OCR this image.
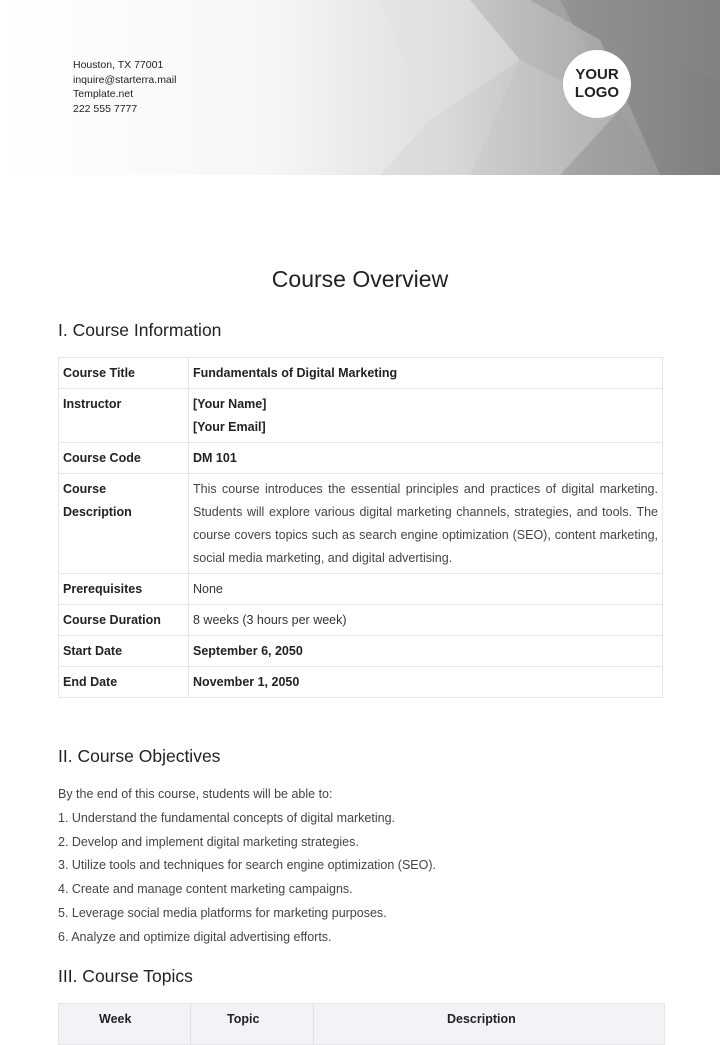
Houston, TX 77001
inquire@starterra.mail
Template.net
222 555 7777
YOUR LOGO
Course Overview
I. Course Information
Course Title	Fundamentals of Digital Marketing
Instructor	[Your Name]
[Your Email]

Course Code	DM 101

Course
Description	This course introduces the essential principles and practices of digital marketing. Students will explore various digital marketing channels, strategies, and tools. The course covers topics such as search engine optimization (SEO), content marketing, social media marketing, and digital advertising.
Prerequisites	None
Course Duration	8 weeks (3 hours per week)
Start Date	September 6, 2050
End Date	November 1, 2050
II. Course Objectives
By the end of this course, students will be able to:
1. Understand the fundamental concepts of digital marketing.
2. Develop and implement digital marketing strategies.
3. Utilize tools and techniques for search engine optimization (SEO).
4. Create and manage content marketing campaigns.
5. Leverage social media platforms for marketing purposes.
6. Analyze and optimize digital advertising efforts.
III. Course Topics
Week	Topic	Description
